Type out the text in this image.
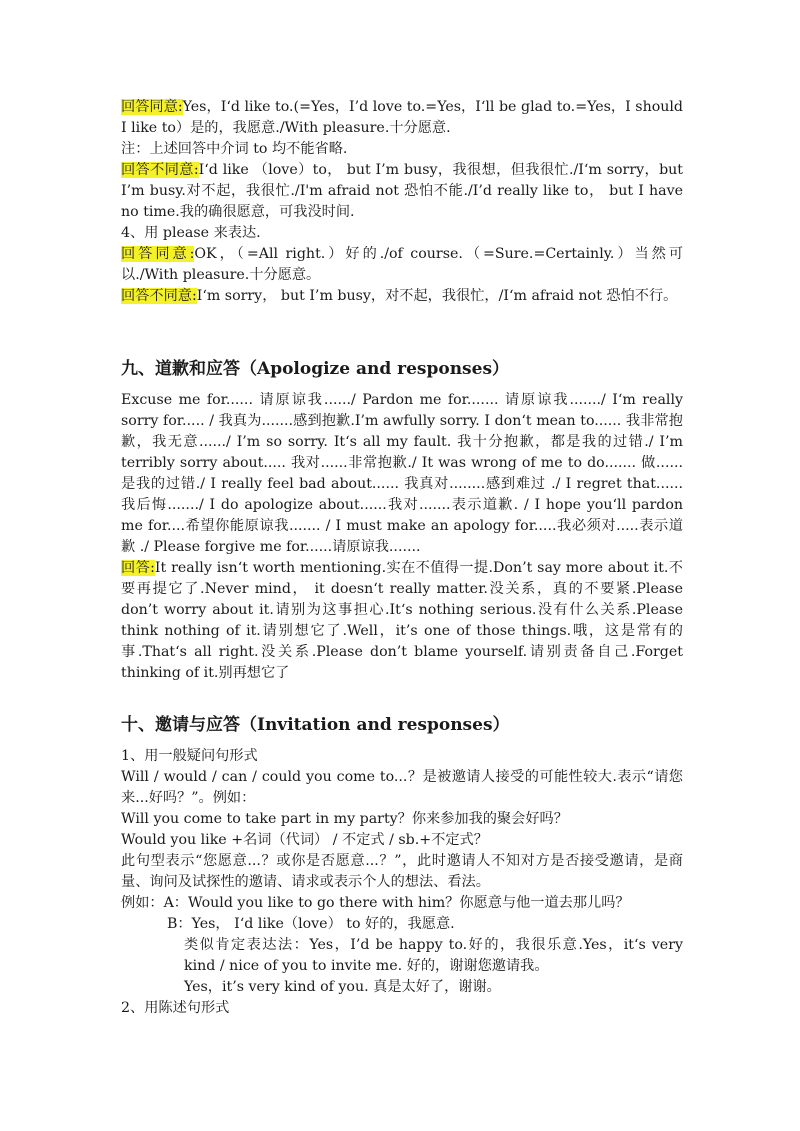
回答同意:Yes，I‘d like to.(=Yes，I’d love to.=Yes，I‘ll be glad to.=Yes，I should I like to）是的，我愿意./With pleasure.十分愿意.
注：上述回答中介词 to 均不能省略.
回答不同意:I‘d like （love）to， but I’m busy，我很想，但我很忙./I‘m sorry，but I’m busy.对不起，我很忙./I'm afraid not 恐怕不能./I’d really like to， but I have no time.我的确很愿意，可我没时间.
4、用 please 来表达.
回答同意:OK，（=All right.）好的./of course.（=Sure.=Certainly.）当然可以./With pleasure.十分愿意。
回答不同意:I‘m sorry， but I’m busy，对不起，我很忙，/I‘m afraid not 恐怕不行。
九、道歉和应答（Apologize and responses）
Excuse me for...... 请原谅我....../ Pardon me for....... 请原谅我......./ I‘m really sorry for..... / 我真为.......感到抱歉.I’m awfully sorry. I don‘t mean to...... 我非常抱歉，我无意....../ I’m so sorry. It‘s all my fault. 我十分抱歉，都是我的过错./ I’m terribly sorry about..... 我对......非常抱歉./ It was wrong of me to do....... 做......是我的过错./ I really feel bad about...... 我真对........感到难过 ./ I regret that...... 我后悔......./ I do apologize about......我对.......表示道歉. / I hope you‘ll pardon me for....希望你能原谅我....... / I must make an apology for.....我必须对.....表示道歉 ./ Please forgive me for......请原谅我.......
回答:It really isn‘t worth mentioning.实在不值得一提.Don’t say more about it.不要再提它了.Never mind， it doesn‘t really matter.没关系，真的不要紧.Please don’t worry about it.请别为这事担心.It‘s nothing serious.没有什么关系.Please think nothing of it.请别想它了.Well，it’s one of those things.哦，这是常有的事.That‘s all right.没关系.Please don’t blame yourself.请别责备自己.Forget thinking of it.别再想它了
十、邀请与应答（Invitation and responses）
1、用一般疑问句形式
Will / would / can / could you come to...？是被邀请人接受的可能性较大.表示“请您来...好吗？”。例如：
Will you come to take part in my party？你来参加我的聚会好吗？
Would you like +名词（代词） / 不定式 / sb.+不定式？
此句型表示“您愿意...？或你是否愿意...？”，此时邀请人不知对方是否接受邀请，是商量、询问及试探性的邀请、请求或表示个人的想法、看法。
例如：A：Would you like to go there with him？你愿意与他一道去那儿吗？
B：Yes， I‘d like（love） to 好的，我愿意.
类似肯定表达法：Yes，I’d be happy to.好的，我很乐意.Yes，it‘s very kind / nice of you to invite me. 好的，谢谢您邀请我。
Yes，it’s very kind of you. 真是太好了，谢谢。
2、用陈述句形式
